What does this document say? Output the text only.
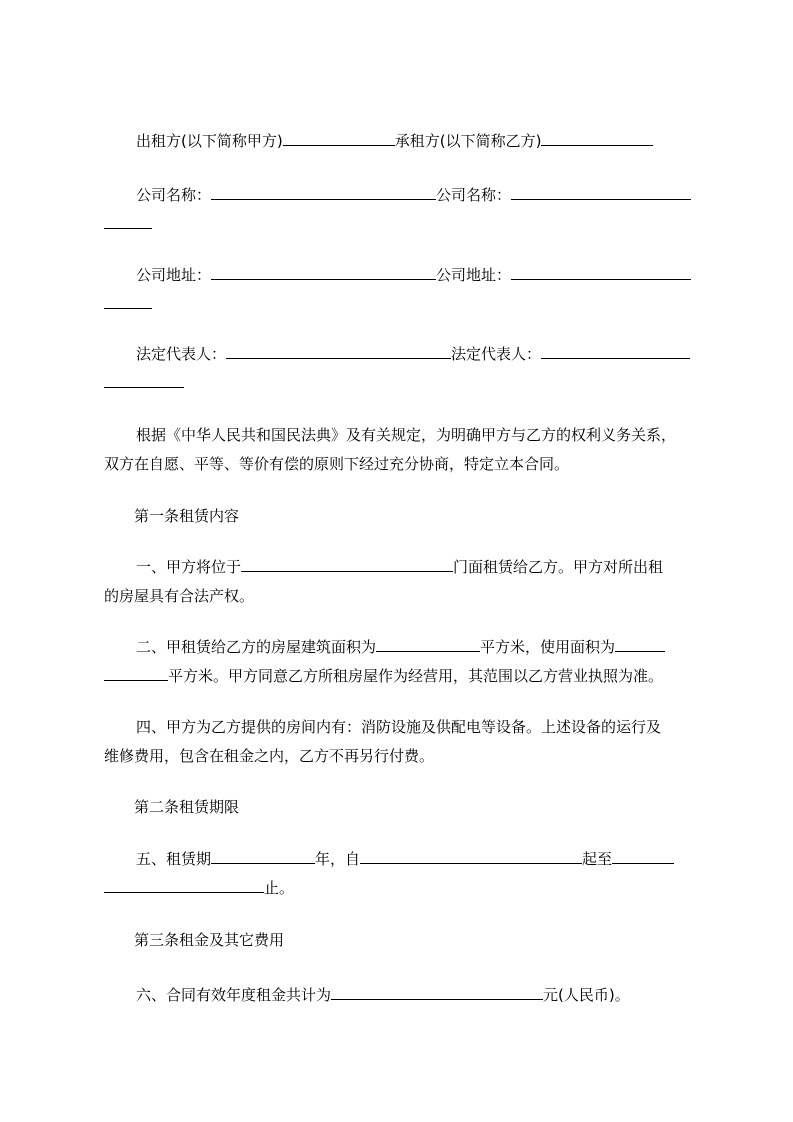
出租方(以下简称甲方)	承租方(以下简称乙方)
公司名称：	公司名称：
公司地址：	公司地址：
法定代表人：	法定代表人：
根据《中华人民共和国民法典》及有关规定，为明确甲方与乙方的权利义务关系，
双方在自愿、平等、等价有偿的原则下经过充分协商，特定立本合同。
第一条租赁内容
一、甲方将位于	门面租赁给乙方。甲方对所出租
的房屋具有合法产权。
二、甲租赁给乙方的房屋建筑面积为	平方米，使用面积为
平方米。甲方同意乙方所租房屋作为经营用，其范围以乙方营业执照为准。
四、甲方为乙方提供的房间内有：消防设施及供配电等设备。上述设备的运行及
维修费用，包含在租金之内，乙方不再另行付费。
第二条租赁期限
五、租赁期	年，自	起至
止。
第三条租金及其它费用
六、合同有效年度租金共计为	元(人民币)。
